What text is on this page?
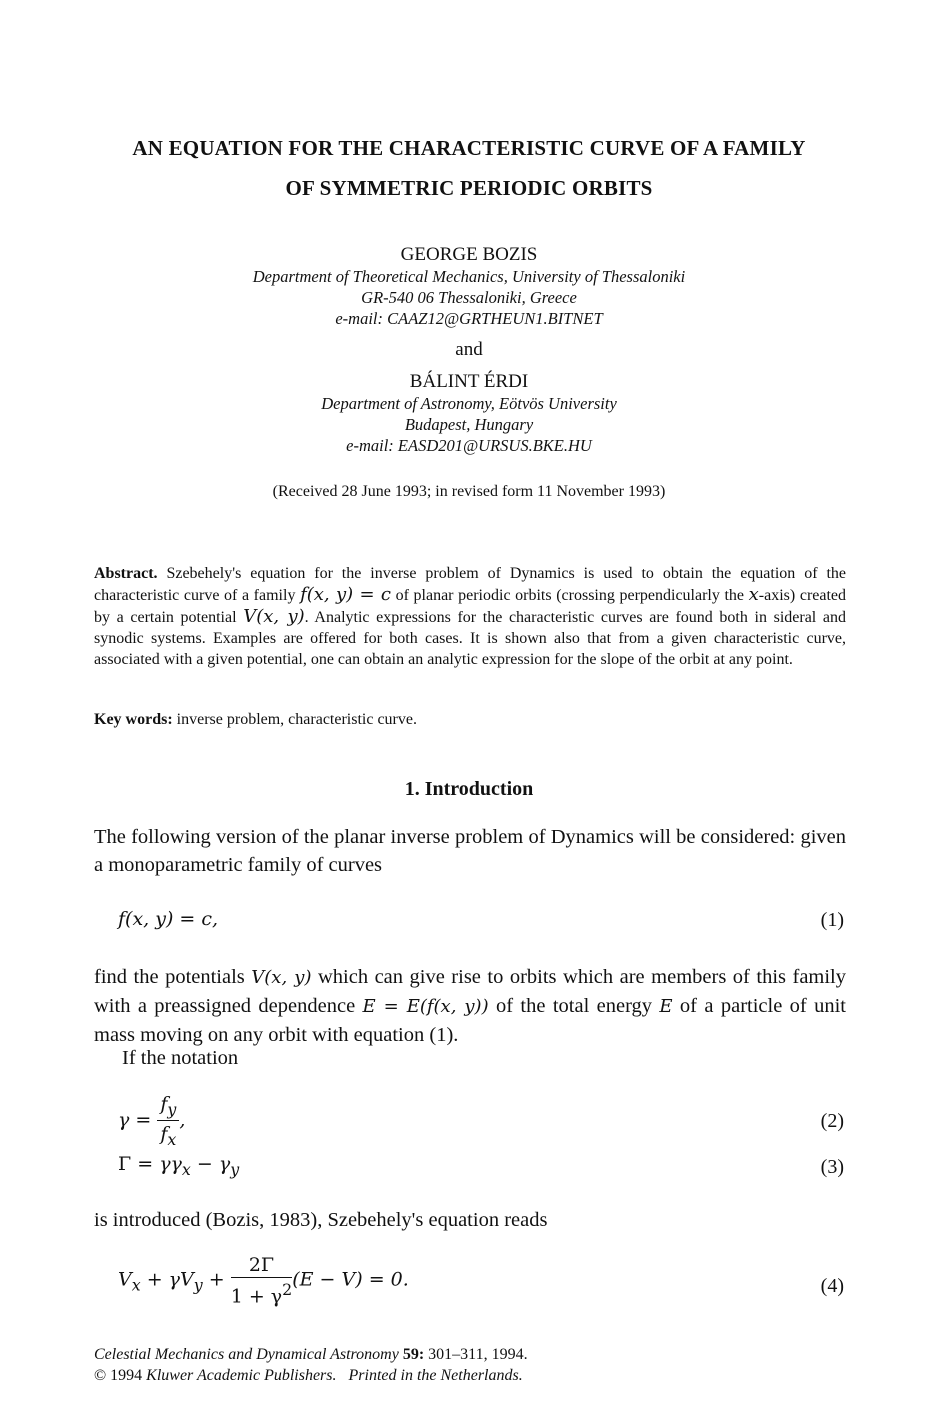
AN EQUATION FOR THE CHARACTERISTIC CURVE OF A FAMILY
OF SYMMETRIC PERIODIC ORBITS
GEORGE BOZIS
Department of Theoretical Mechanics, University of Thessaloniki
GR-540 06 Thessaloniki, Greece
e-mail: CAAZ12@GRTHEUN1.BITNET
and
BÁLINT ÉRDI
Department of Astronomy, Eötvös University
Budapest, Hungary
e-mail: EASD201@URSUS.BKE.HU
(Received 28 June 1993; in revised form 11 November 1993)
Abstract. Szebehely's equation for the inverse problem of Dynamics is used to obtain the equation of the characteristic curve of a family f(x, y) = c of planar periodic orbits (crossing perpendicularly the x-axis) created by a certain potential V(x, y). Analytic expressions for the characteristic curves are found both in sideral and synodic systems. Examples are offered for both cases. It is shown also that from a given characteristic curve, associated with a given potential, one can obtain an analytic expression for the slope of the orbit at any point.
Key words: inverse problem, characteristic curve.
1. Introduction
The following version of the planar inverse problem of Dynamics will be considered: given a monoparametric family of curves
f(x, y) = c,	(1)
find the potentials V(x, y) which can give rise to orbits which are members of this family with a preassigned dependence E = E(f(x, y)) of the total energy E of a particle of unit mass moving on any orbit with equation (1).
If the notation
$\gamma = \frac{f_y}{f_x}$ ,	(2)
$\Gamma = \gamma\gamma_x - \gamma_y$	(3)
is introduced (Bozis, 1983), Szebehely's equation reads
$V_x + \gamma V_y + \frac{2\Gamma}{1 + \gamma^2} (E - V) = 0$.	(4)
Celestial Mechanics and Dynamical Astronomy 59: 301–311, 1994.
© 1994 Kluwer Academic Publishers. Printed in the Netherlands.
